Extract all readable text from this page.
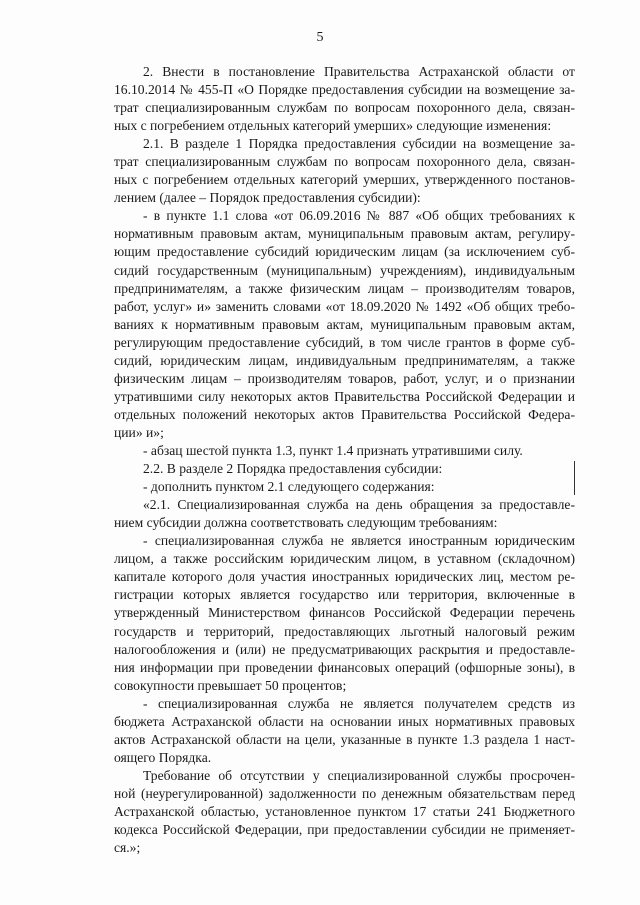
5
2. Внести в постановление Правительства Астраханской области от
16.10.2014 № 455-П «О Порядке предоставления субсидии на возмещение за-
трат специализированным службам по вопросам похоронного дела, связан-
ных с погребением отдельных категорий умерших» следующие изменения:
2.1. В разделе 1 Порядка предоставления субсидии на возмещение за-
трат специализированным службам по вопросам похоронного дела, связан-
ных с погребением отдельных категорий умерших, утвержденного постанов-
лением (далее – Порядок предоставления субсидии):
- в пункте 1.1 слова «от 06.09.2016 № 887 «Об общих требованиях к
нормативным правовым актам, муниципальным правовым актам, регулиру-
ющим предоставление субсидий юридическим лицам (за исключением суб-
сидий государственным (муниципальным) учреждениям), индивидуальным
предпринимателям, а также физическим лицам – производителям товаров,
работ, услуг» и» заменить словами «от 18.09.2020 № 1492 «Об общих требо-
ваниях к нормативным правовым актам, муниципальным правовым актам,
регулирующим предоставление субсидий, в том числе грантов в форме суб-
сидий, юридическим лицам, индивидуальным предпринимателям, а также
физическим лицам – производителям товаров, работ, услуг, и о признании
утратившими силу некоторых актов Правительства Российской Федерации и
отдельных положений некоторых актов Правительства Российской Федера-
ции» и»;
- абзац шестой пункта 1.3, пункт 1.4 признать утратившими силу.
2.2. В разделе 2 Порядка предоставления субсидии:
- дополнить пунктом 2.1 следующего содержания:
«2.1. Специализированная служба на день обращения за предоставле-
нием субсидии должна соответствовать следующим требованиям:
- специализированная служба не является иностранным юридическим
лицом, а также российским юридическим лицом, в уставном (складочном)
капитале которого доля участия иностранных юридических лиц, местом ре-
гистрации которых является государство или территория, включенные в
утвержденный Министерством финансов Российской Федерации перечень
государств и территорий, предоставляющих льготный налоговый режим
налогообложения и (или) не предусматривающих раскрытия и предоставле-
ния информации при проведении финансовых операций (офшорные зоны), в
совокупности превышает 50 процентов;
- специализированная служба не является получателем средств из
бюджета Астраханской области на основании иных нормативных правовых
актов Астраханской области на цели, указанные в пункте 1.3 раздела 1 наст-
оящего Порядка.
Требование об отсутствии у специализированной службы просрочен-
ной (неурегулированной) задолженности по денежным обязательствам перед
Астраханской областью, установленное пунктом 17 статьи 241 Бюджетного
кодекса Российской Федерации, при предоставлении субсидии не применяет-
ся.»;
